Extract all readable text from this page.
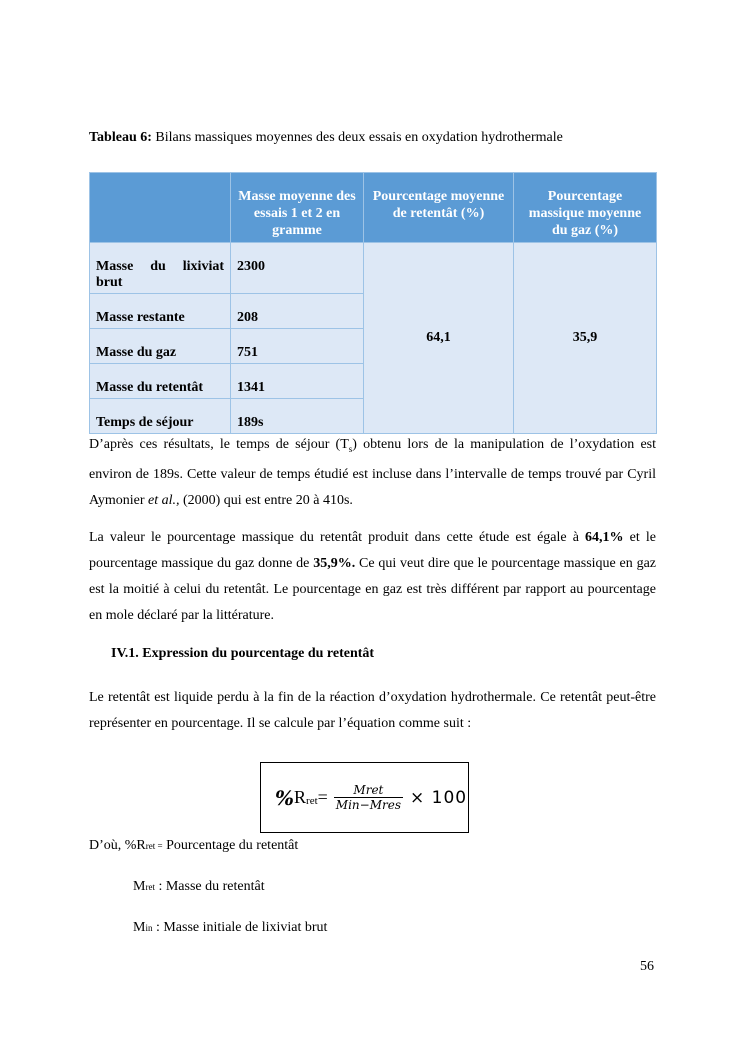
Tableau 6: Bilans massiques moyennes des deux essais en oxydation hydrothermale
	Masse moyenne des essais 1 et 2 en gramme	Pourcentage moyenne de retentât (%)	Pourcentage massique moyenne du gaz (%)
Masse du lixiviat brut	2300	64,1	35,9
Masse restante	208		
Masse du gaz	751		
Masse du retentât	1341		
Temps de séjour	189s		
D’après ces résultats, le temps de séjour $(T_s)$ obtenu lors de la manipulation de l’oxydation est environ de 189s. Cette valeur de temps étudié est incluse dans l’intervalle de temps trouvé par Cyril Aymonier et al., (2000) qui est entre 20 à 410s.
La valeur le pourcentage massique du retentât produit dans cette étude est égale à 64,1% et le pourcentage massique du gaz donne de 35,9%. Ce qui veut dire que le pourcentage massique en gaz est la moitié à celui du retentât. Le pourcentage en gaz est très différent par rapport au pourcentage en mole déclaré par la littérature.
IV.1. Expression du pourcentage du retentât
Le retentât est liquide perdu à la fin de la réaction d’oxydation hydrothermale. Ce retentât peut-être représenter en pourcentage. Il se calcule par l’équation comme suit :
% R ret = $\frac{\text{Mret}}{\text{Min−Mres}} \times 100$
D’où, %Rret = Pourcentage du retentât
Mret : Masse du retentât
Min : Masse initiale de lixiviat brut
56
